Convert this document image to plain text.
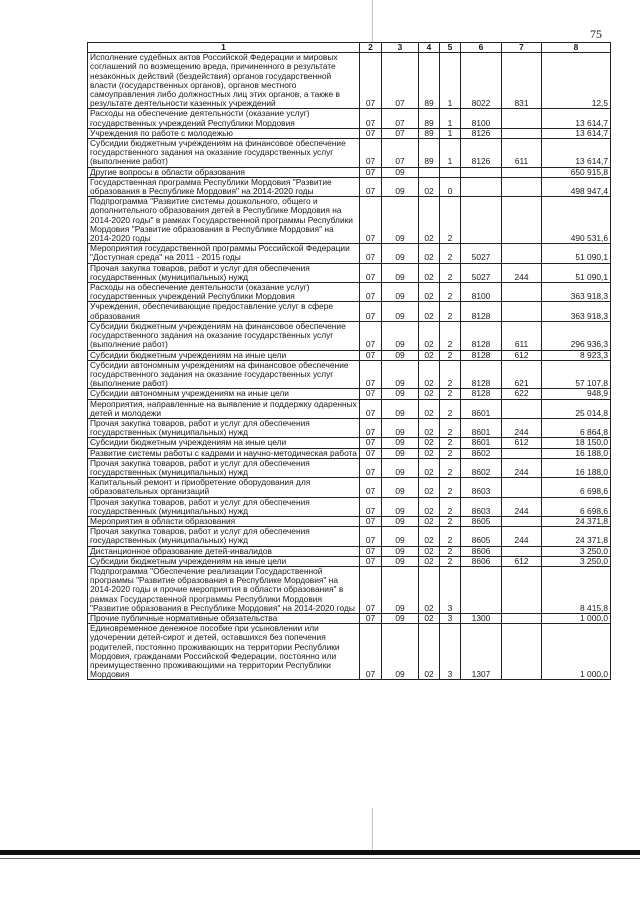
75
1	2	3	4	5	6	7	8
Исполнение судебных актов Российской Федерации и мировых соглашений по возмещению вреда, причиненного в результате незаконных действий (бездействия) органов государственной власти (государственных органов), органов местного самоуправления либо должностных лиц этих органов, а также в результате деятельности казенных учреждений	07	07	89	1	8022	831	12,5
Расходы на обеспечение деятельности (оказание услуг) государственных учреждений Республики Мордовия	07	07	89	1	8100		13 614,7
Учреждения по работе с молодежью	07	07	89	1	8126		13 614,7
Субсидии бюджетным учреждениям на финансовое обеспечение государственного задания на оказание государственных услуг (выполнение работ)	07	07	89	1	8126	611	13 614,7
Другие вопросы в области образования	07	09					650 915,8
Государственная программа Республики Мордовия "Развитие образования в Республике Мордовия" на 2014-2020 годы	07	09	02	0			498 947,4
Подпрограмма "Развитие системы дошкольного, общего и дополнительного образования детей в Республике Мордовия на 2014-2020 годы" в рамках Государственной программы Республики Мордовия "Развитие образования в Республике Мордовия" на 2014-2020 годы	07	09	02	2			490 531,6
Мероприятия государственной программы Российской Федерации "Доступная среда" на 2011 - 2015 годы	07	09	02	2	5027		51 090,1
Прочая закупка товаров, работ и услуг для обеспечения государственных (муниципальных) нужд	07	09	02	2	5027	244	51 090,1
Расходы на обеспечение деятельности (оказание услуг) государственных учреждений Республики Мордовия	07	09	02	2	8100		363 918,3
Учреждения, обеспечивающие предоставление услуг в сфере образования	07	09	02	2	8128		363 918,3
Субсидии бюджетным учреждениям на финансовое обеспечение государственного задания на оказание государственных услуг (выполнение работ)	07	09	02	2	8128	611	296 936,3
Субсидии бюджетным учреждениям на иные цели	07	09	02	2	8128	612	8 923,3
Субсидии автономным учреждениям на финансовое обеспечение государственного задания на оказание государственных услуг (выполнение работ)	07	09	02	2	8128	621	57 107,8
Субсидии автономным учреждениям на иные цели	07	09	02	2	8128	622	948,9
Мероприятия, направленные на выявление и поддержку одаренных детей и молодежи	07	09	02	2	8601		25 014,8
Прочая закупка товаров, работ и услуг для обеспечения государственных (муниципальных) нужд	07	09	02	2	8601	244	6 864,8
Субсидии бюджетным учреждениям на иные цели	07	09	02	2	8601	612	18 150,0
Развитие системы работы с кадрами и научно-методическая работа	07	09	02	2	8602		16 188,0
Прочая закупка товаров, работ и услуг для обеспечения государственных (муниципальных) нужд	07	09	02	2	8602	244	16 188,0
Капитальный ремонт и приобретение оборудования для образовательных организаций	07	09	02	2	8603		6 698,6
Прочая закупка товаров, работ и услуг для обеспечения государственных (муниципальных) нужд	07	09	02	2	8603	244	6 698,6
Мероприятия в области образования	07	09	02	2	8605		24 371,8
Прочая закупка товаров, работ и услуг для обеспечения государственных (муниципальных) нужд	07	09	02	2	8605	244	24 371,8
Дистанционное образование детей-инвалидов	07	09	02	2	8606		3 250,0
Субсидии бюджетным учреждениям на иные цели	07	09	02	2	8606	612	3 250,0
Подпрограмма "Обеспечение реализации Государственной программы "Развитие образования в Республике Мордовия" на 2014-2020 годы и прочие мероприятия в области образования" в рамках Государственной программы Республики Мордовия "Развитие образования в Республике Мордовия" на 2014-2020 годы	07	09	02	3			8 415,8
Прочие публичные нормативные обязательства	07	09	02	3	1300		1 000,0
Единовременное денежное пособие при усыновлении или удочерении детей-сирот и детей, оставшихся без попечения родителей, постоянно проживающих на территории Республики Мордовия, гражданами Российской Федерации, постоянно или преимущественно проживающими на территории Республики Мордовия	07	09	02	3	1307		1 000,0
